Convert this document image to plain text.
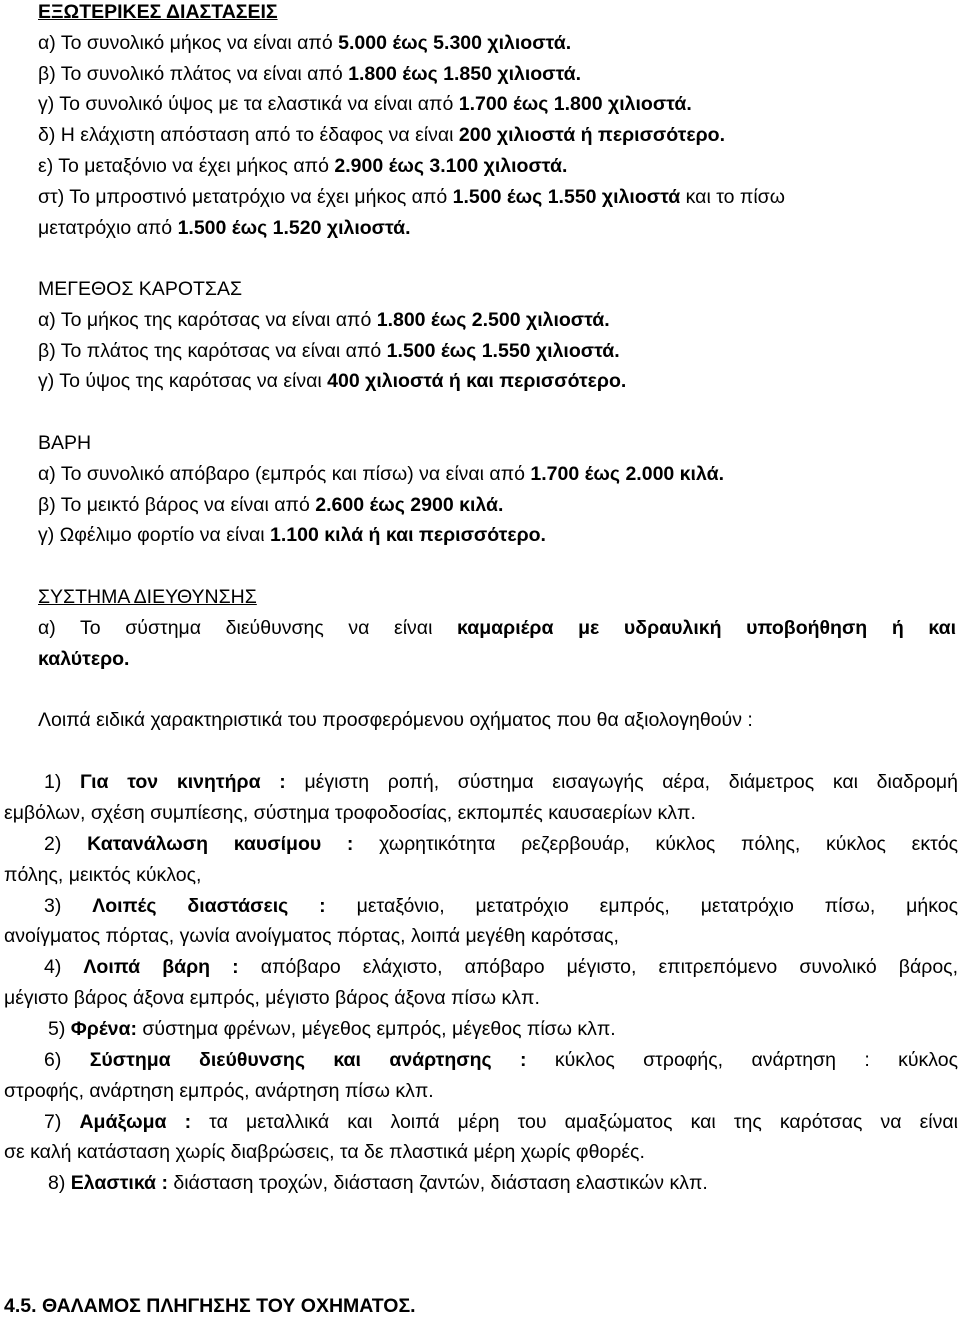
ΕΞΩΤΕΡΙΚΕΣ ΔΙΑΣΤΑΣΕΙΣ
α) Το συνολικό μήκος να είναι από 5.000 έως 5.300 χιλιοστά.
β) Το συνολικό πλάτος να είναι από 1.800 έως 1.850 χιλιοστά.
γ) Το συνολικό ύψος με τα ελαστικά να είναι από 1.700 έως 1.800 χιλιοστά.
δ) Η ελάχιστη απόσταση από το έδαφος να είναι 200 χιλιοστά ή περισσότερο.
ε) Το μεταξόνιο να έχει μήκος από 2.900 έως 3.100 χιλιοστά.
στ) Το μπροστινό μετατρόχιο να έχει μήκος από 1.500 έως 1.550 χιλιοστά και το πίσω
μετατρόχιο από 1.500 έως 1.520 χιλιοστά.
ΜΕΓΕΘΟΣ ΚΑΡΟΤΣΑΣ
α) Το μήκος της καρότσας να είναι από 1.800 έως 2.500 χιλιοστά.
β) Το πλάτος της καρότσας να είναι από 1.500 έως 1.550 χιλιοστά.
γ) Το ύψος της καρότσας να είναι 400 χιλιοστά ή και περισσότερο.
ΒΑΡΗ
α) Το συνολικό απόβαρο (εμπρός και πίσω) να είναι από 1.700 έως 2.000 κιλά.
β) Το μεικτό βάρος να είναι από 2.600 έως 2900 κιλά.
γ) Ωφέλιμο φορτίο να είναι 1.100 κιλά ή και περισσότερο.
ΣΥΣΤΗΜΑ ΔΙΕΥΘΥΝΣΗΣ
α) Το σύστημα διεύθυνσης να είναι καμαριέρα με υδραυλική υποβοήθηση ή και
καλύτερο.
Λοιπά ειδικά χαρακτηριστικά του προσφερόμενου οχήματος που θα αξιολογηθούν :
1) Για τον κινητήρα : μέγιστη ροπή, σύστημα εισαγωγής αέρα, διάμετρος και διαδρομή
εμβόλων, σχέση συμπίεσης, σύστημα τροφοδοσίας, εκπομπές καυσαερίων κλπ.
2) Κατανάλωση καυσίμου : χωρητικότητα ρεζερβουάρ, κύκλος πόλης, κύκλος εκτός
πόλης, μεικτός κύκλος,
3) Λοιπές διαστάσεις : μεταξόνιο, μετατρόχιο εμπρός, μετατρόχιο πίσω, μήκος
ανοίγματος πόρτας, γωνία ανοίγματος πόρτας, λοιπά μεγέθη καρότσας,
4) Λοιπά βάρη : απόβαρο ελάχιστο, απόβαρο μέγιστο, επιτρεπόμενο συνολικό βάρος,
μέγιστο βάρος άξονα εμπρός, μέγιστο βάρος άξονα πίσω κλπ.
5) Φρένα: σύστημα φρένων, μέγεθος εμπρός, μέγεθος πίσω κλπ.
6) Σύστημα διεύθυνσης και ανάρτησης : κύκλος στροφής, ανάρτηση : κύκλος
στροφής, ανάρτηση εμπρός, ανάρτηση πίσω κλπ.
7) Αμάξωμα : τα μεταλλικά και λοιπά μέρη του αμαξώματος και της καρότσας να είναι
σε καλή κατάσταση χωρίς διαβρώσεις, τα δε πλαστικά μέρη χωρίς φθορές.
8) Ελαστικά : διάσταση τροχών, διάσταση ζαντών, διάσταση ελαστικών κλπ.
4.5. ΘΑΛΑΜΟΣ ΠΛΗΓΗΣΗΣ ΤΟΥ ΟΧΗΜΑΤΟΣ.
